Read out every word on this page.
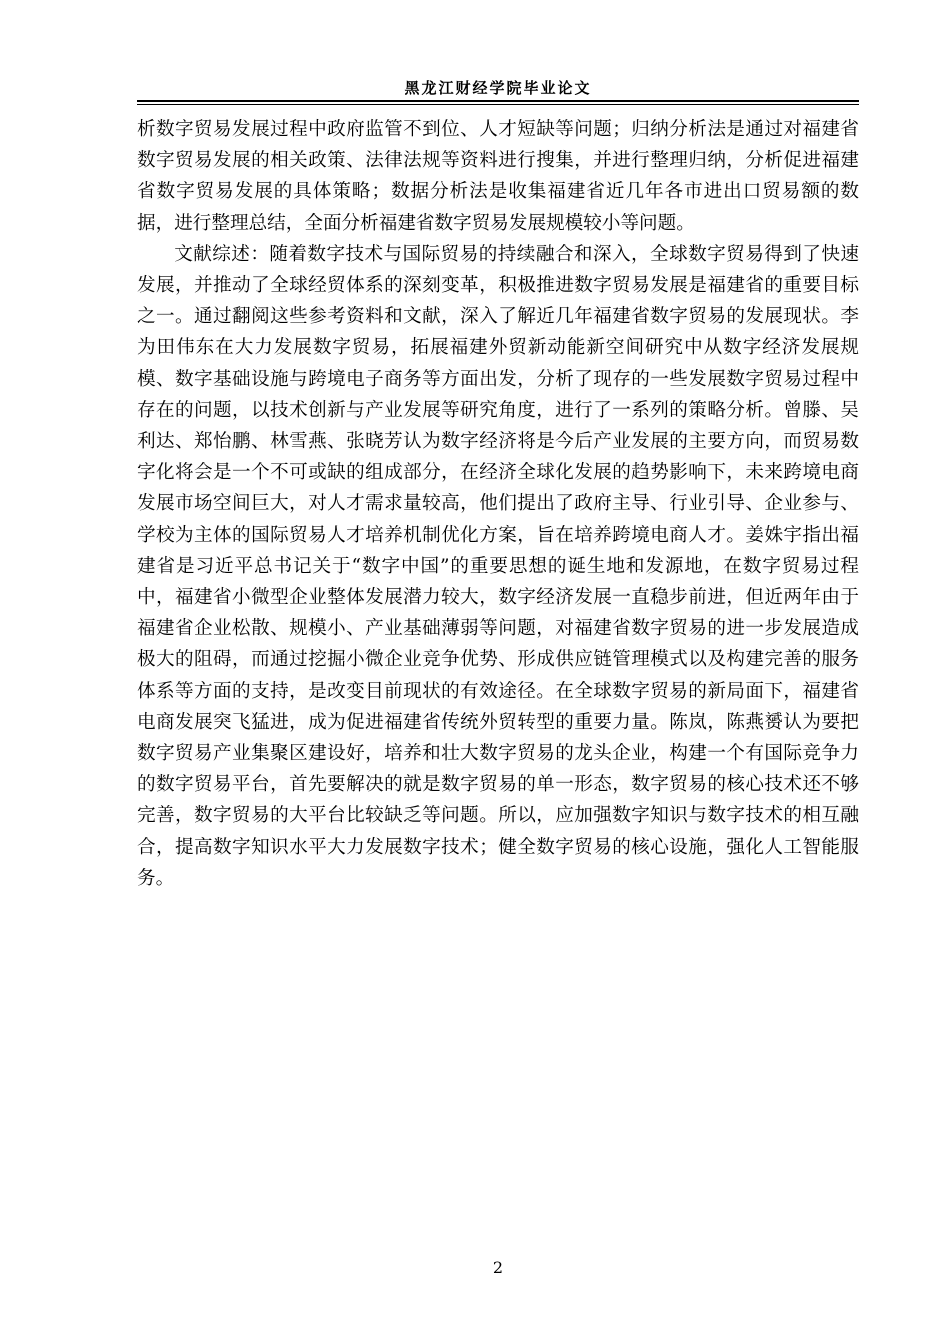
黑龙江财经学院毕业论文

析数字贸易发展过程中政府监管不到位、人才短缺等问题；归纳分析法是通过对福建省数字贸易发展的相关政策、法律法规等资料进行搜集，并进行整理归纳，分析促进福建省数字贸易发展的具体策略；数据分析法是收集福建省近几年各市进出口贸易额的数据，进行整理总结，全面分析福建省数字贸易发展规模较小等问题。

文献综述：随着数字技术与国际贸易的持续融合和深入，全球数字贸易得到了快速发展，并推动了全球经贸体系的深刻变革，积极推进数字贸易发展是福建省的重要目标之一。通过翻阅这些参考资料和文献，深入了解近几年福建省数字贸易的发展现状。李为田伟东在大力发展数字贸易，拓展福建外贸新动能新空间研究中从数字经济发展规模、数字基础设施与跨境电子商务等方面出发，分析了现存的一些发展数字贸易过程中存在的问题，以技术创新与产业发展等研究角度，进行了一系列的策略分析。曾滕、吴利达、郑怡鹏、林雪燕、张晓芳认为数字经济将是今后产业发展的主要方向，而贸易数字化将会是一个不可或缺的组成部分，在经济全球化发展的趋势影响下，未来跨境电商发展市场空间巨大，对人才需求量较高，他们提出了政府主导、行业引导、企业参与、学校为主体的国际贸易人才培养机制优化方案，旨在培养跨境电商人才。姜姝宇指出福建省是习近平总书记关于“数字中国”的重要思想的诞生地和发源地，在数字贸易过程中，福建省小微型企业整体发展潜力较大，数字经济发展一直稳步前进，但近两年由于福建省企业松散、规模小、产业基础薄弱等问题，对福建省数字贸易的进一步发展造成极大的阻碍，而通过挖掘小微企业竞争优势、形成供应链管理模式以及构建完善的服务体系等方面的支持，是改变目前现状的有效途径。在全球数字贸易的新局面下，福建省电商发展突飞猛进，成为促进福建省传统外贸转型的重要力量。陈岚，陈燕赟认为要把数字贸易产业集聚区建设好，培养和壮大数字贸易的龙头企业，构建一个有国际竞争力的数字贸易平台，首先要解决的就是数字贸易的单一形态，数字贸易的核心技术还不够完善，数字贸易的大平台比较缺乏等问题。所以，应加强数字知识与数字技术的相互融合，提高数字知识水平大力发展数字技术；健全数字贸易的核心设施，强化人工智能服务。

2
